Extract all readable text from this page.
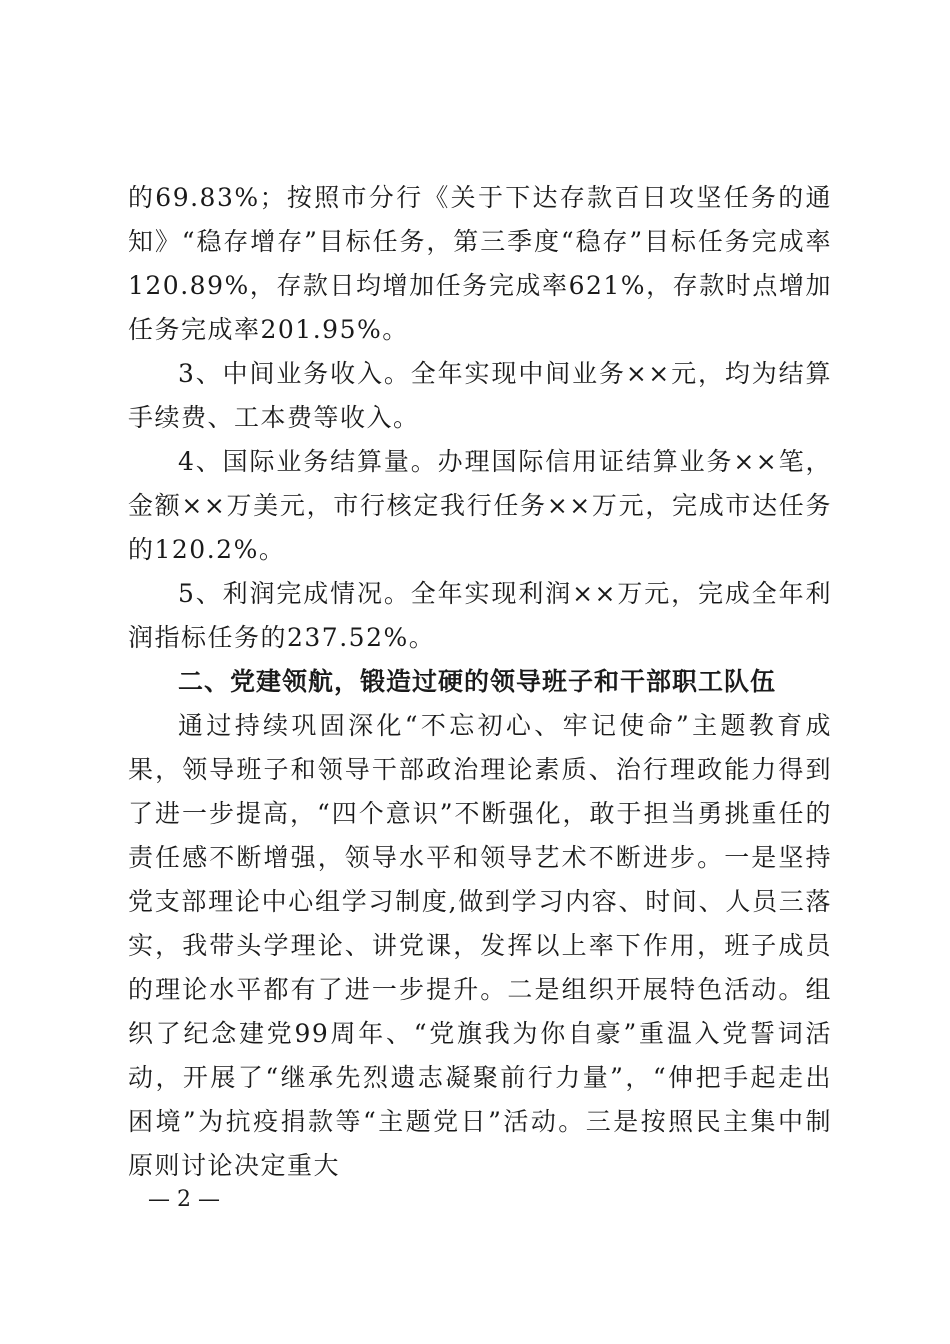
的69.83%；按照市分行《关于下达存款百日攻坚任务的通知》“稳存增存”目标任务，第三季度“稳存”目标任务完成率120.89%，存款日均增加任务完成率621%，存款时点增加任务完成率201.95%。

3、中间业务收入。全年实现中间业务××元，均为结算手续费、工本费等收入。

4、国际业务结算量。办理国际信用证结算业务××笔，金额××万美元，市行核定我行任务××万元，完成市达任务的120.2%。

5、利润完成情况。全年实现利润××万元，完成全年利润指标任务的237.52%。

二、党建领航，锻造过硬的领导班子和干部职工队伍

通过持续巩固深化“不忘初心、牢记使命”主题教育成果，领导班子和领导干部政治理论素质、治行理政能力得到了进一步提高，“四个意识”不断强化，敢于担当勇挑重任的责任感不断增强，领导水平和领导艺术不断进步。一是坚持党支部理论中心组学习制度,做到学习内容、时间、人员三落实，我带头学理论、讲党课，发挥以上率下作用，班子成员的理论水平都有了进一步提升。二是组织开展特色活动。组织了纪念建党99周年、“党旗我为你自豪”重温入党誓词活动，开展了“继承先烈遗志凝聚前行力量”，“伸把手起走出困境”为抗疫捐款等“主题党日”活动。三是按照民主集中制原则讨论决定重大

— 2 —
